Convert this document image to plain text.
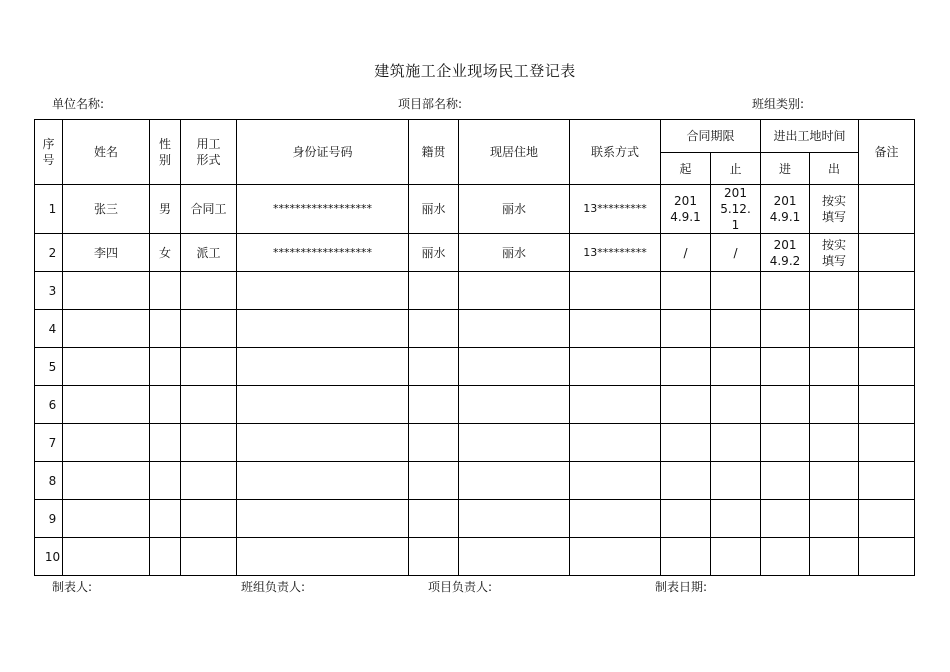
建筑施工企业现场民工登记表
单位名称:	项目部名称:	班组类别:
序号	姓名	性别	用工形式	身份证号码	籍贯	现居住地	联系方式	合同期限		进出工地时间		备注
								起	止	进	出	
1	张三	男	合同工	******************	丽水	丽水	13*********	2014.9.1	2015.12.1	2014.9.1	按实填写	

2	李四	女	派工	******************	丽水	丽水	13*********	/	/	2014.9.2	按实填写	

3								

4								

5								

6								

7								

8								

9								

10								

制表人:	班组负责人:	项目负责人:	制表日期:
